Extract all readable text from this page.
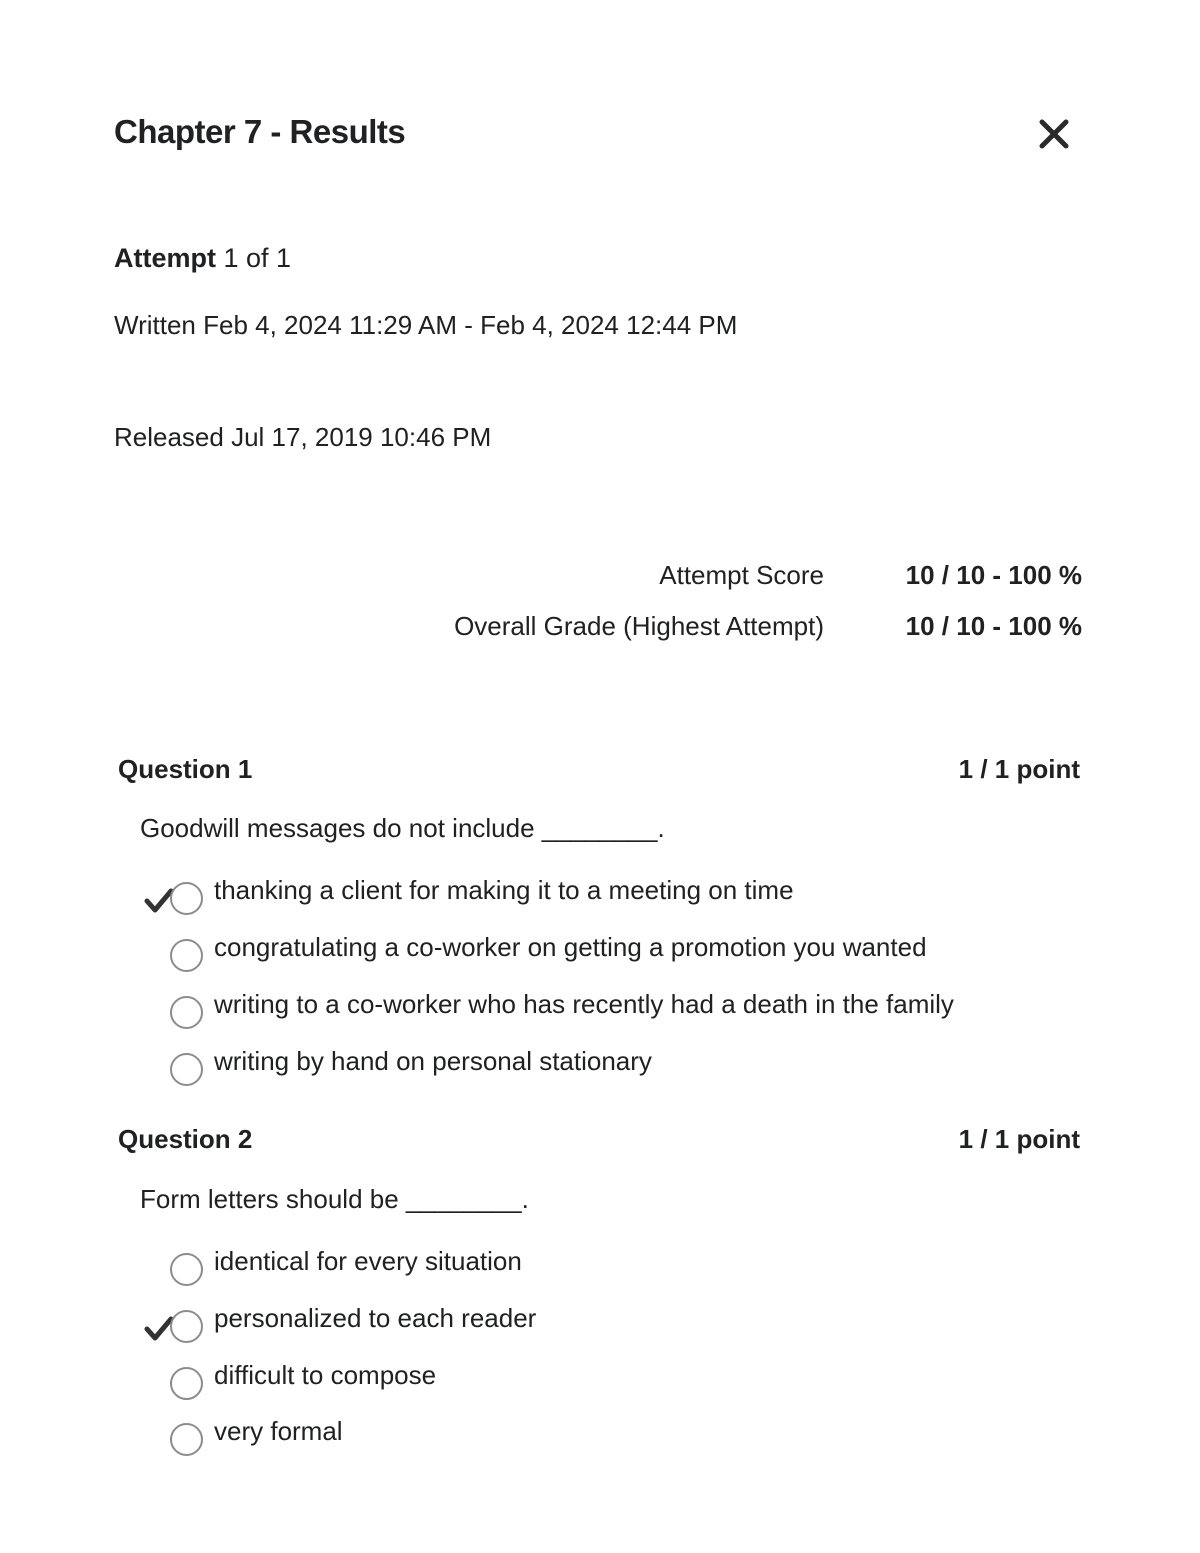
Chapter 7 - Results
Attempt 1 of 1
Written Feb 4, 2024 11:29 AM - Feb 4, 2024 12:44 PM
Released Jul 17, 2019 10:46 PM
Attempt Score	10 / 10 - 100 %
Overall Grade (Highest Attempt)	10 / 10 - 100 %
Question 1	1 / 1 point
Goodwill messages do not include ________.
thanking a client for making it to a meeting on time
congratulating a co-worker on getting a promotion you wanted
writing to a co-worker who has recently had a death in the family
writing by hand on personal stationary
Question 2	1 / 1 point
Form letters should be ________.
identical for every situation
personalized to each reader
difficult to compose
very formal
